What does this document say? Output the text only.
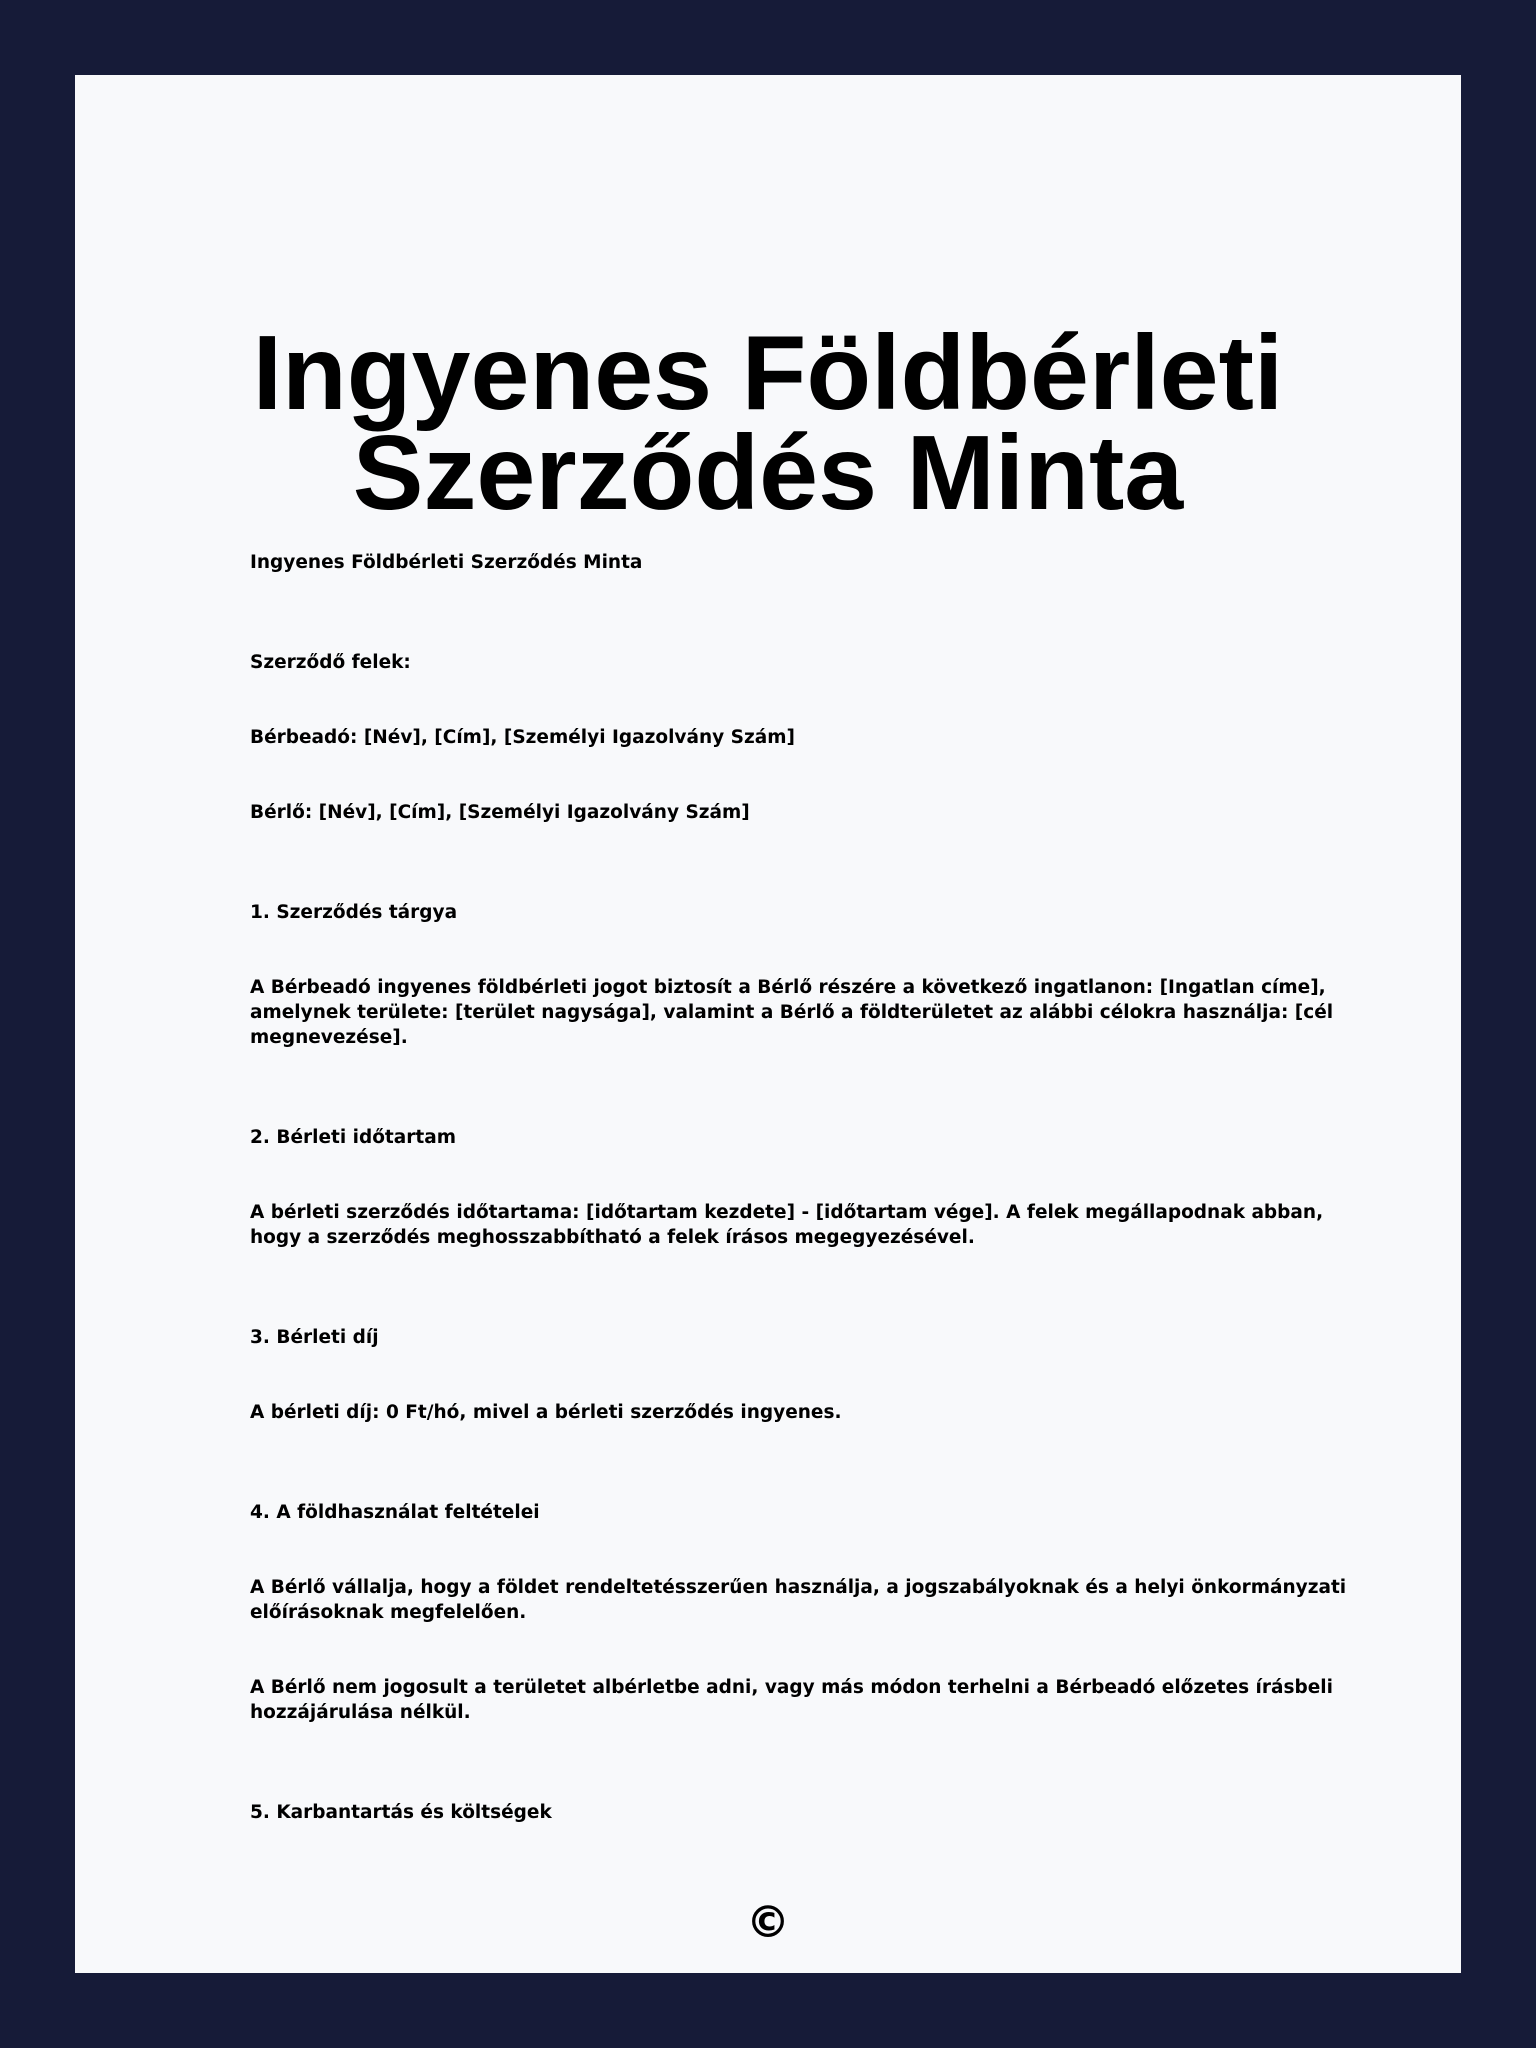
Ingyenes Földbérleti
Szerződés Minta

Ingyenes Földbérleti Szerződés Minta

Szerződő felek:

Bérbeadó: [Név], [Cím], [Személyi Igazolvány Szám]

Bérlő: [Név], [Cím], [Személyi Igazolvány Szám]

1. Szerződés tárgya

A Bérbeadó ingyenes földbérleti jogot biztosít a Bérlő részére a következő ingatlanon: [Ingatlan címe], amelynek területe: [terület nagysága], valamint a Bérlő a földterületet az alábbi célokra használja: [cél megnevezése].

2. Bérleti időtartam

A bérleti szerződés időtartama: [időtartam kezdete] - [időtartam vége]. A felek megállapodnak abban, hogy a szerződés meghosszabbítható a felek írásos megegyezésével.

3. Bérleti díj

A bérleti díj: 0 Ft/hó, mivel a bérleti szerződés ingyenes.

4. A földhasználat feltételei

A Bérlő vállalja, hogy a földet rendeltetésszerűen használja, a jogszabályoknak és a helyi önkormányzati előírásoknak megfelelően.

A Bérlő nem jogosult a területet albérletbe adni, vagy más módon terhelni a Bérbeadó előzetes írásbeli hozzájárulása nélkül.

5. Karbantartás és költségek

©
